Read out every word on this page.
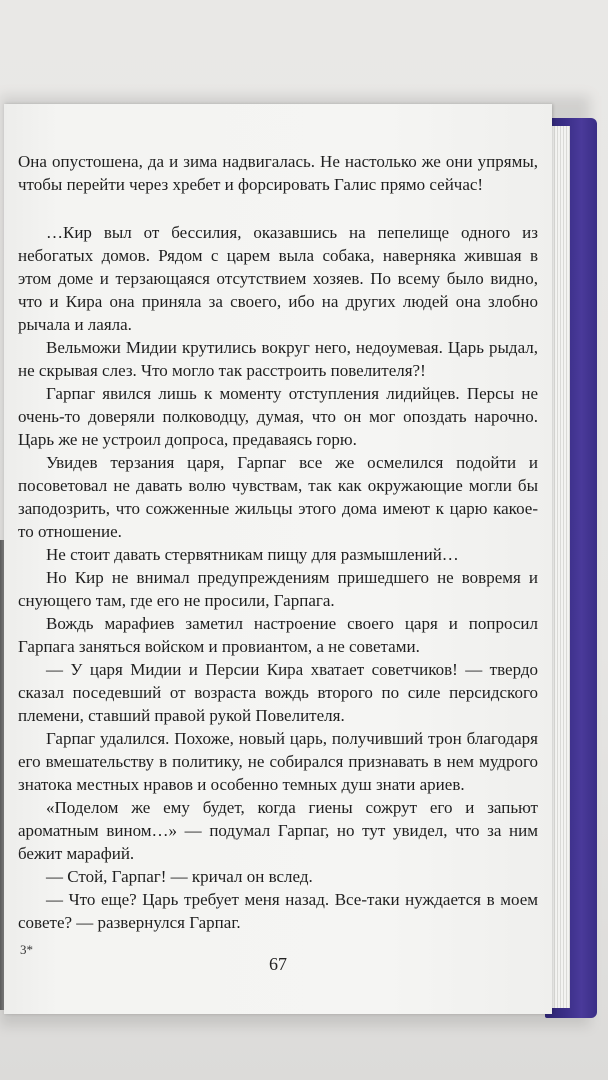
Она опустошена, да и зима надвигалась. Не настолько же они упрямы, чтобы перейти через хребет и форсировать Галис прямо сейчас!

…Кир выл от бессилия, оказавшись на пепелище одного из небогатых домов. Рядом с царем выла собака, наверняка жившая в этом доме и терзающаяся отсутствием хозяев. По всему было видно, что и Кира она приняла за своего, ибо на других людей она злобно рычала и лаяла.

Вельможи Мидии крутились вокруг него, недоумевая. Царь рыдал, не скрывая слез. Что могло так расстроить повелителя?!

Гарпаг явился лишь к моменту отступления лидийцев. Персы не очень-то доверяли полководцу, думая, что он мог опоздать нарочно. Царь же не устроил допроса, предаваясь горю.

Увидев терзания царя, Гарпаг все же осмелился подойти и посоветовал не давать волю чувствам, так как окружающие могли бы заподозрить, что сожженные жильцы этого дома имеют к царю какое-то отношение.

Не стоит давать стервятникам пищу для размышлений…

Но Кир не внимал предупреждениям пришедшего не вовремя и снующего там, где его не просили, Гарпага.

Вождь марафиев заметил настроение своего царя и попросил Гарпага заняться войском и провиантом, а не советами.

— У царя Мидии и Персии Кира хватает советчиков! — твердо сказал поседевший от возраста вождь второго по силе персидского племени, ставший правой рукой Повелителя.

Гарпаг удалился. Похоже, новый царь, получивший трон благодаря его вмешательству в политику, не собирался признавать в нем мудрого знатока местных нравов и особенно темных душ знати ариев.

«Поделом же ему будет, когда гиены сожрут его и запьют ароматным вином…» — подумал Гарпаг, но тут увидел, что за ним бежит марафий.

— Стой, Гарпаг! — кричал он вслед.

— Что еще? Царь требует меня назад. Все-таки нуждается в моем совете? — развернулся Гарпаг.

3*
67
